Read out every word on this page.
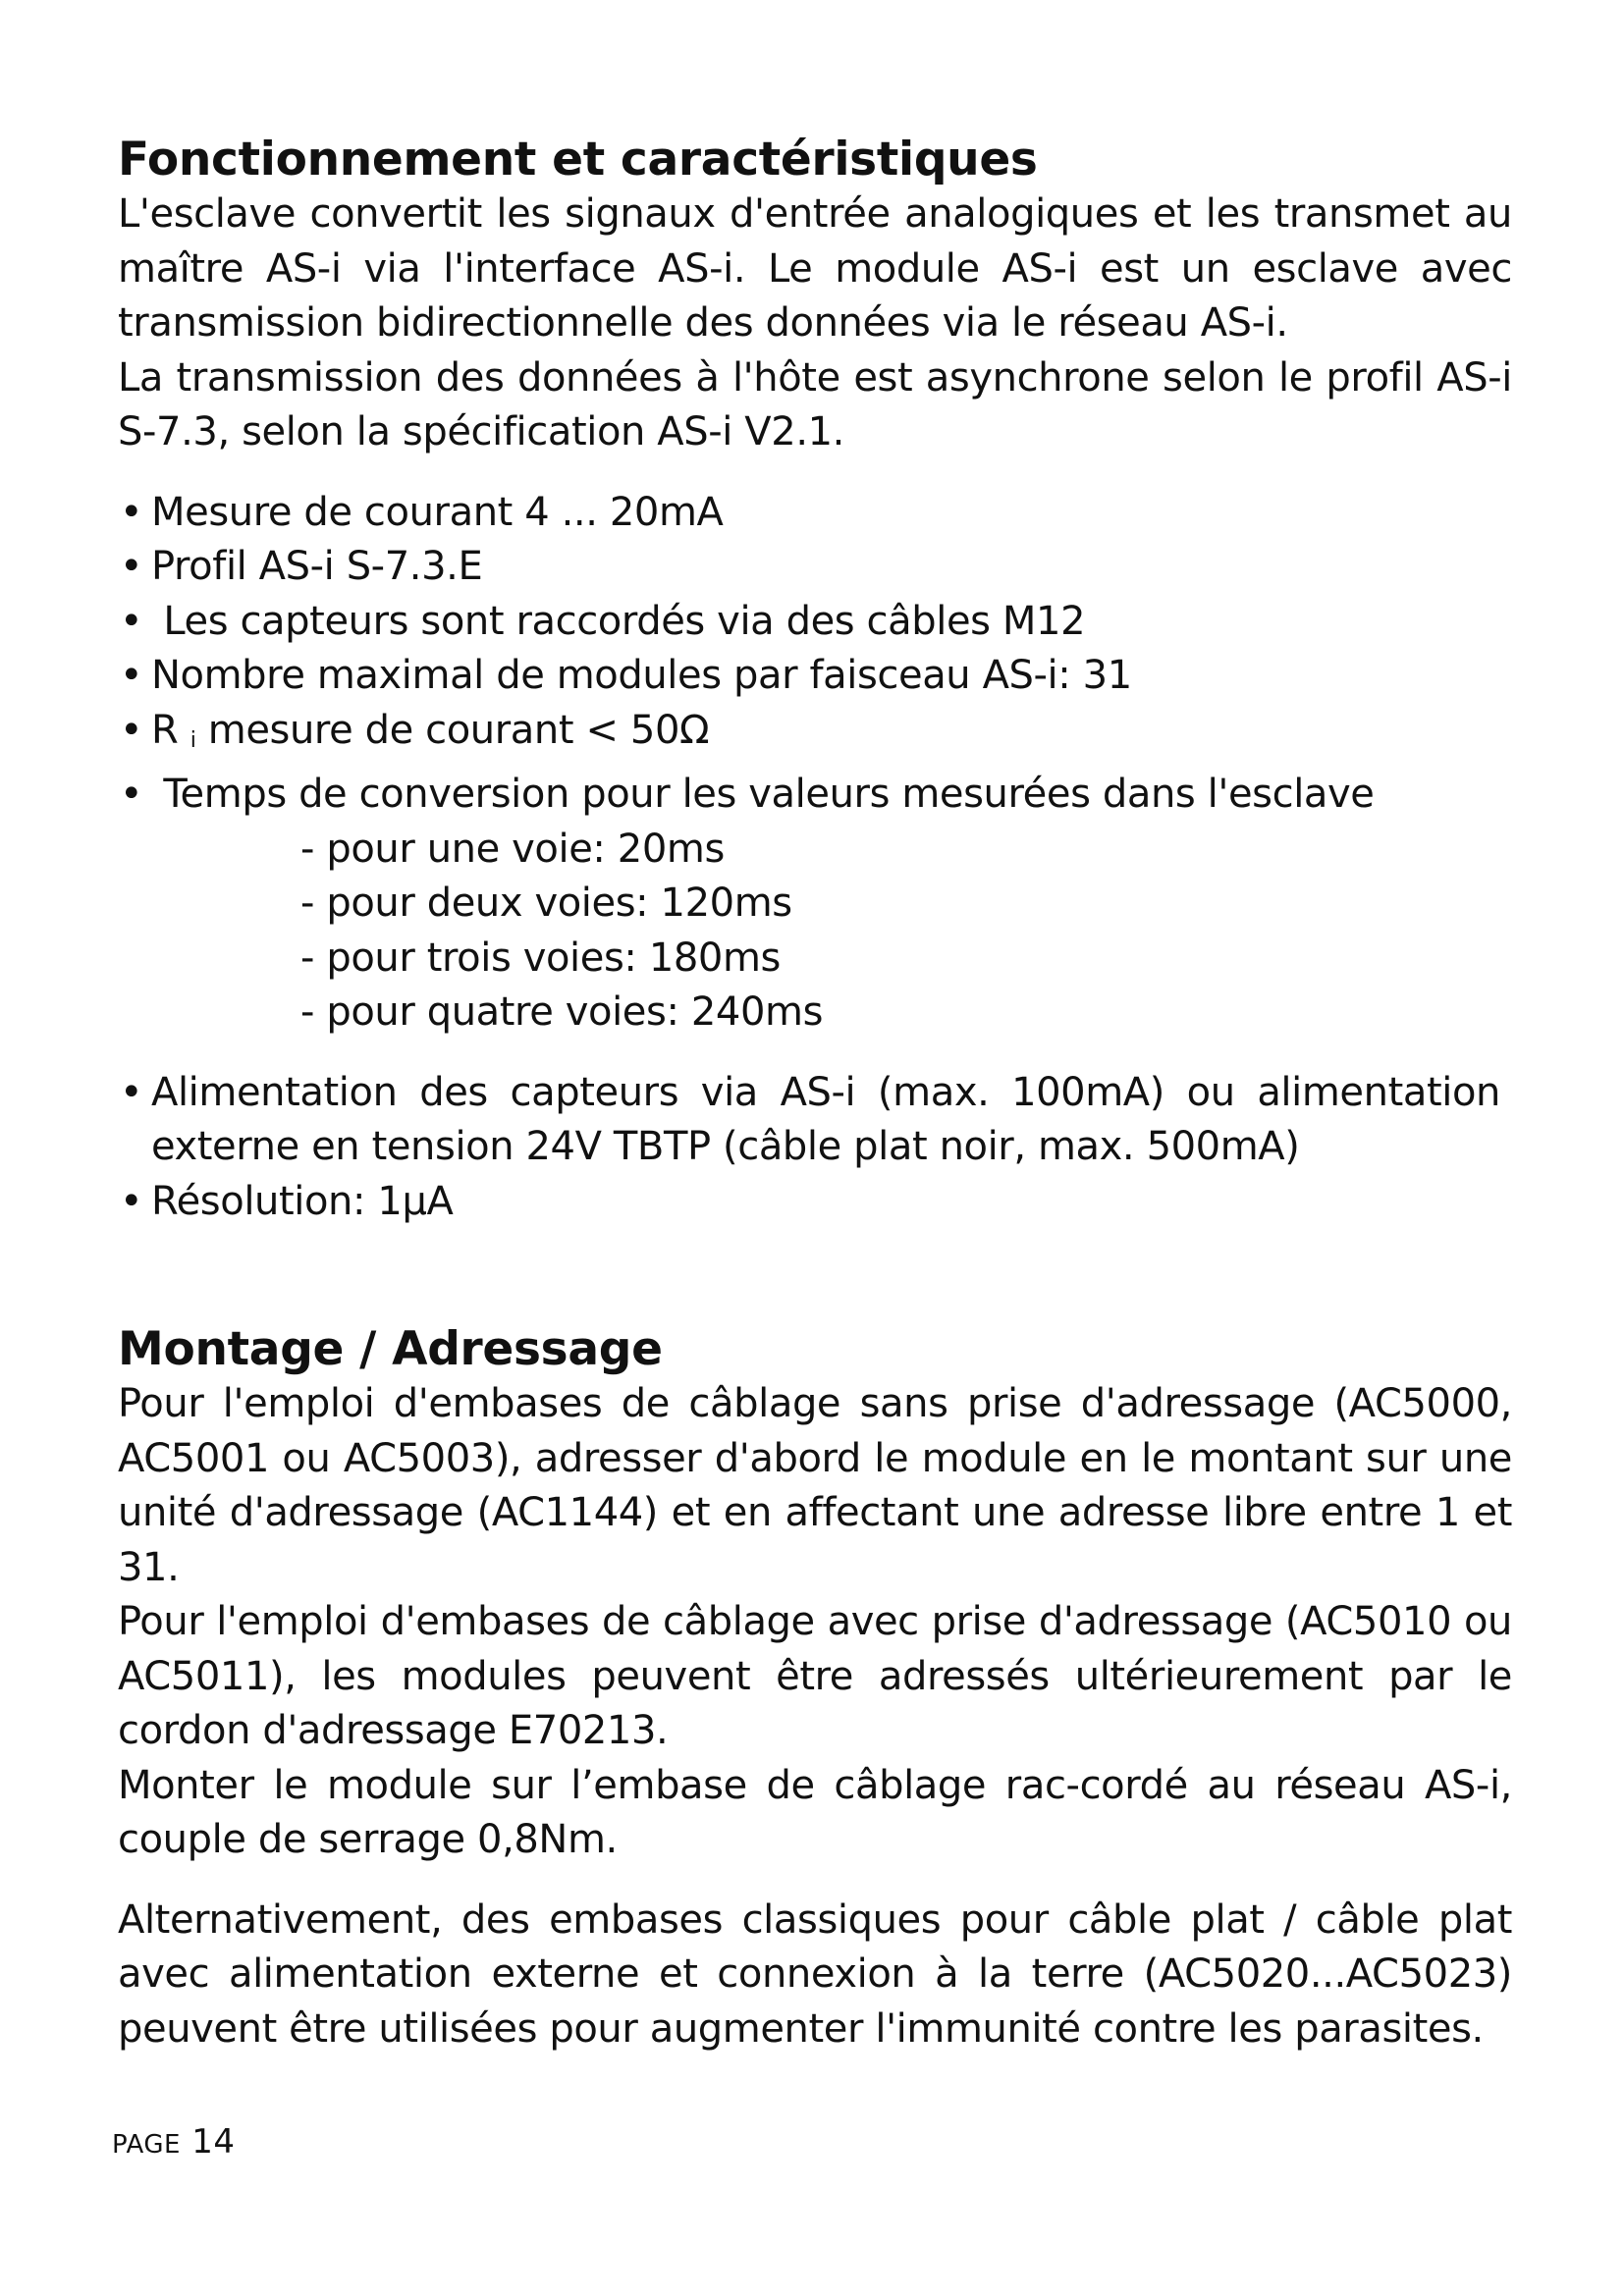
Fonctionnement et caractéristiques

L'esclave convertit les signaux d'entrée analogiques et les transmet au maître AS-i via l'interface AS-i. Le module AS-i est un esclave avec transmission bidirectionnelle des données via le réseau AS-i.

La transmission des données à l'hôte est asynchrone selon le profil AS-i S-7.3, selon la spécification AS-i V2.1.

• Mesure de courant 4 ... 20mA
• Profil AS-i S-7.3.E
• Les capteurs sont raccordés via des câbles M12
• Nombre maximal de modules par faisceau AS-i: 31
• R $_i$ mesure de courant < 50Ω
• Temps de conversion pour les valeurs mesurées dans l'esclave
- pour une voie: 20ms
- pour deux voies: 120ms
- pour trois voies: 180ms
- pour quatre voies: 240ms
• Alimentation des capteurs via AS-i (max. 100mA) ou alimentation externe en tension 24V TBTP (câble plat noir, max. 500mA)
• Résolution: 1µA
Montage / Adressage

Pour l'emploi d'embases de câblage sans prise d'adressage (AC5000, AC5001 ou AC5003), adresser d'abord le module en le montant sur une unité d'adressage (AC1144) et en affectant une adresse libre entre 1 et 31.

Pour l'emploi d'embases de câblage avec prise d'adressage (AC5010 ou AC5011), les modules peuvent être adressés ultérieurement par le cordon d'adressage E70213.

Monter le module sur l’embase de câblage rac-cordé au réseau AS-i, couple de serrage 0,8Nm.

Alternativement, des embases classiques pour câble plat / câble plat avec alimentation externe et connexion à la terre (AC5020...AC5023) peuvent être utilisées pour augmenter l'immunité contre les parasites.

PAGE 14
